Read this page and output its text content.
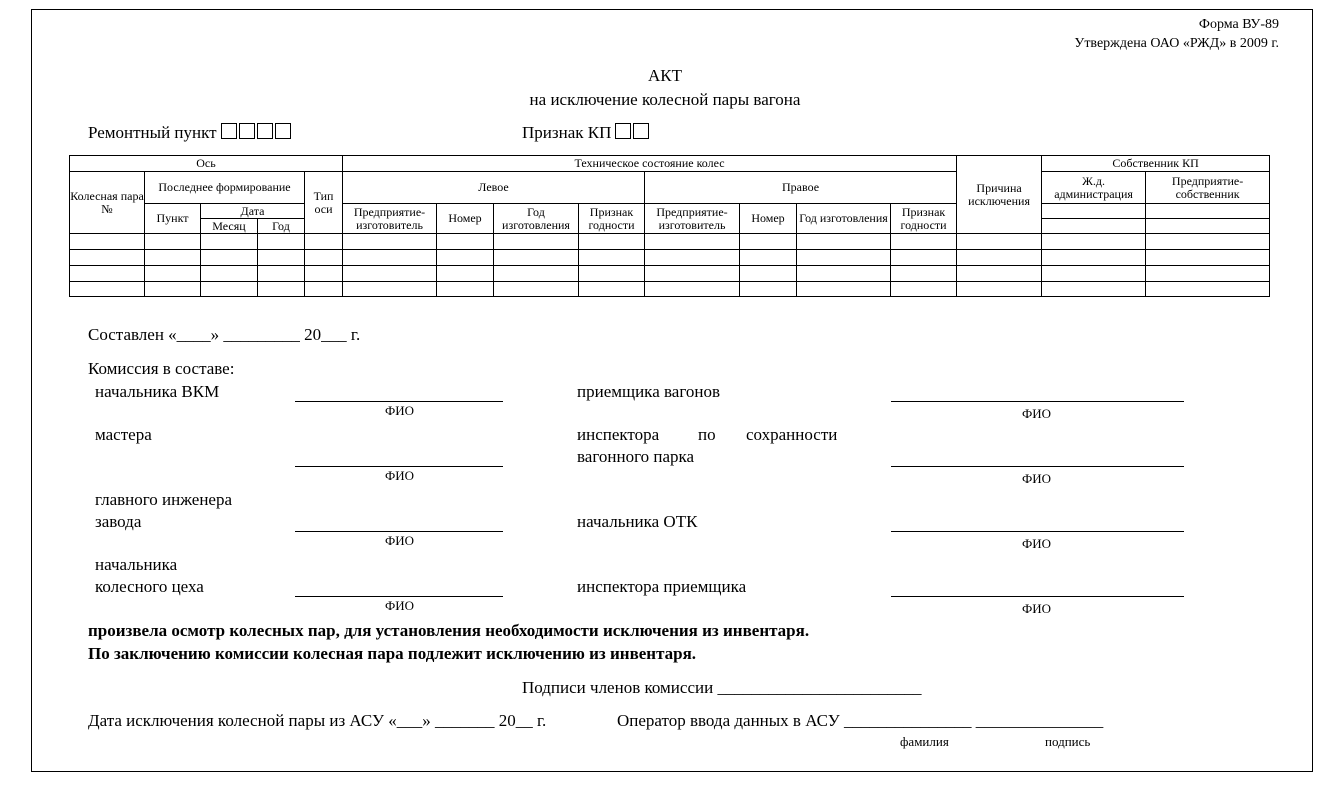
Форма ВУ-89
Утверждена ОАО «РЖД» в 2009 г.
АКТ
на исключение колесной пары вагона
Ремонтный пункт	Признак КП
Ось					Техническое состояние колес								Причина исключения	Собственник КП	
Колесная пара №	Последнее формирование			Тип оси	Левое				Правое					Ж.д. администрация	Предприятие-собственник
	Пункт	Дата			Предприятие-изготовитель	Номер	Год изготовления	Признак годности	Предприятие-изготовитель	Номер	Год изготовления	Признак годности			
		Месяц	Год												

Составлен «____» _________ 20___ г.
Комиссия в составе:
начальника ВКМ
ФИО
мастера
ФИО
главного инженера
завода
ФИО
начальника
колесного цеха
ФИО
приемщика вагонов
ФИО
инспектора по сохранности
вагонного парка
ФИО
начальника ОТК
ФИО
инспектора приемщика
ФИО
произвела осмотр колесных пар, для установления необходимости исключения из инвентаря.
По заключению комиссии колесная пара подлежит исключению из инвентаря.
Подписи членов комиссии ________________________
Дата исключения колесной пары из АСУ «___» _______ 20__ г.	Оператор ввода данных в АСУ _______________ _______________
фамилия	подпись
